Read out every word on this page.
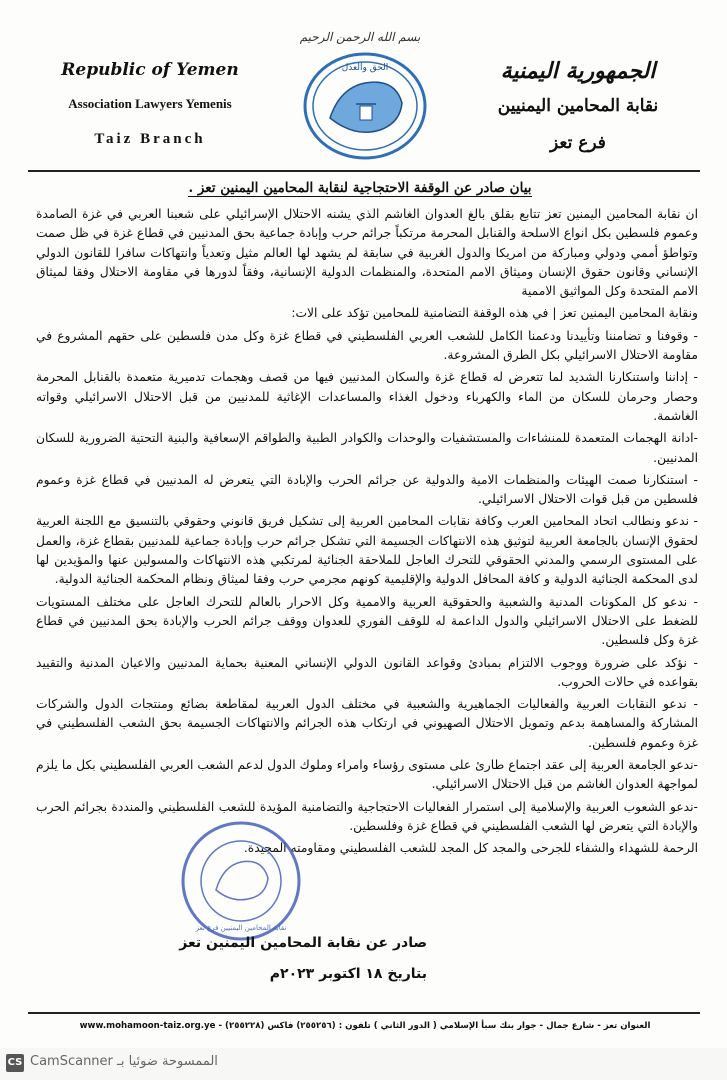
بسم الله الرحمن الرحيم
Republic of Yemen
Association Lawyers Yemenis
Taiz Branch
الحق والعدل	الجمهورية اليمنية
نقابة المحامين اليمنيين
فرع تعز
بيان صادر عن الوقفة الاحتجاجية لنقابة المحامين اليمنين تعز .

ان نقابة المحامين اليمنين تعز تتابع بقلق بالغ العدوان الغاشم الذي يشنه الاحتلال الإسرائيلي على شعبنا العربي في غزة الصامدة وعموم فلسطين بكل انواع الاسلحة والقنابل المحرمة مرتكباً جرائم حرب وإبادة جماعية بحق المدنيين في قطاع غزة في ظل صمت وتواطؤ أممي ودولي ومباركة من امريكا والدول الغربية في سابقة لم يشهد لها العالم مثيل وتعدياً وانتهاكات سافرا للقانون الدولي الإنساني وقانون حقوق الإنسان وميثاق الامم المتحدة، والمنظمات الدولية الإنسانية، وفقاً لدورها في مقاومة الاحتلال وفقا لميثاق الامم المتحدة وكل المواثيق الاممية

ونقابة المحامين اليمنين تعز | في هذه الوقفة التضامنية للمحامين تؤكد على الات:

- وقوفنا و تضامننا وتأييدنا ودعمنا الكامل للشعب العربي الفلسطيني في قطاع غزة وكل مدن فلسطين على حقهم المشروع في مقاومة الاحتلال الاسرائيلي بكل الطرق المشروعة.

- إداننا واستنكارنا الشديد لما تتعرض له قطاع غزة والسكان المدنيين فيها من قصف وهجمات تدميرية متعمدة بالقنابل المحرمة وحصار وحرمان للسكان من الماء والكهرباء ودخول الغذاء والمساعدات الإغاثية للمدنيين من قبل الاحتلال الاسرائيلي وقواته الغاشمة.

-ادانة الهجمات المتعمدة للمنشاءات والمستشفيات والوحدات والكوادر الطبية والطواقم الإسعافية والبنية التحتية الضرورية للسكان المدنيين.

- استنكارنا صمت الهيئات والمنظمات الامية والدولية عن جرائم الحرب والإبادة التي يتعرض له المدنيين في قطاع غزة وعموم فلسطين من قبل قوات الاحتلال الاسرائيلي.

- ندعو ونطالب اتحاد المحامين العرب وكافة نقابات المحامين العربية إلى تشكيل فريق قانوني وحقوقي بالتنسيق مع اللجنة العربية لحقوق الإنسان بالجامعة العربية لتوثيق هذه الانتهاكات الجسيمة التي تشكل جرائم حرب وإبادة جماعية للمدنيين بقطاع غزة، والعمل على المستوى الرسمي والمدني الحقوقي للتحرك العاجل للملاحقة الجنائية لمرتكبي هذه الانتهاكات والمسولين عنها والمؤيدين لها لدى المحكمة الجنائية الدولية و كافة المحافل الدولية والإقليمية كونهم مجرمي حرب وفقا لميثاق ونظام المحكمة الجنائية الدولية.

- ندعو كل المكونات المدنية والشعبية والحقوقية العربية والاممية وكل الاحرار بالعالم للتحرك العاجل على مختلف المستويات للضغط على الاحتلال الاسرائيلي والدول الداعمة له للوقف الفوري للعدوان ووقف جرائم الحرب والإبادة بحق المدنيين في قطاع غزة وكل فلسطين.

- نؤكد على ضرورة ووجوب الالتزام بمبادئ وقواعد القانون الدولي الإنساني المعنية بحماية المدنيين والاعيان المدنية والتقييد بقواعده في حالات الحروب.

- ندعو النقابات العربية والفعاليات الجماهيرية والشعبية في مختلف الدول العربية لمقاطعة بضائع ومنتجات الدول والشركات المشاركة والمساهمة بدعم وتمويل الاحتلال الصهيوني في ارتكاب هذه الجرائم والانتهاكات الجسيمة بحق الشعب الفلسطيني في غزة وعموم فلسطين.

-ندعو الجامعة العربية إلى عقد اجتماع طارئ على مستوى رؤساء وامراء وملوك الدول لدعم الشعب العربي الفلسطيني بكل ما يلزم لمواجهة العدوان الغاشم من قبل الاحتلال الاسرائيلي.

-ندعو الشعوب العربية والإسلامية إلى استمرار الفعاليات الاحتجاجية والتضامنية المؤيدة للشعب الفلسطيني والمنددة بجرائم الحرب والإبادة التي يتعرض لها الشعب الفلسطيني في قطاع غزة وفلسطين.

الرحمة للشهداء والشفاء للجرحى والمجد كل المجد للشعب الفلسطيني ومقاومته المجيدة.

نقابة المحامين اليمنيين فرع تعز
صادر عن نقابة المحامين اليمنين تعز
بتاريخ ١٨ اكتوبر ٢٠٢٣م
العنوان تعز - شارع جمال - جوار بنك سبأ الإسلامي ( الدور الثاني ) تلفون : (٢٥٥٢٥٦) فاكس (٢٥٥٢٢٨) - www.mohamoon-taiz.org.ye
CS CamScanner الممسوحة ضوئيا بـ
